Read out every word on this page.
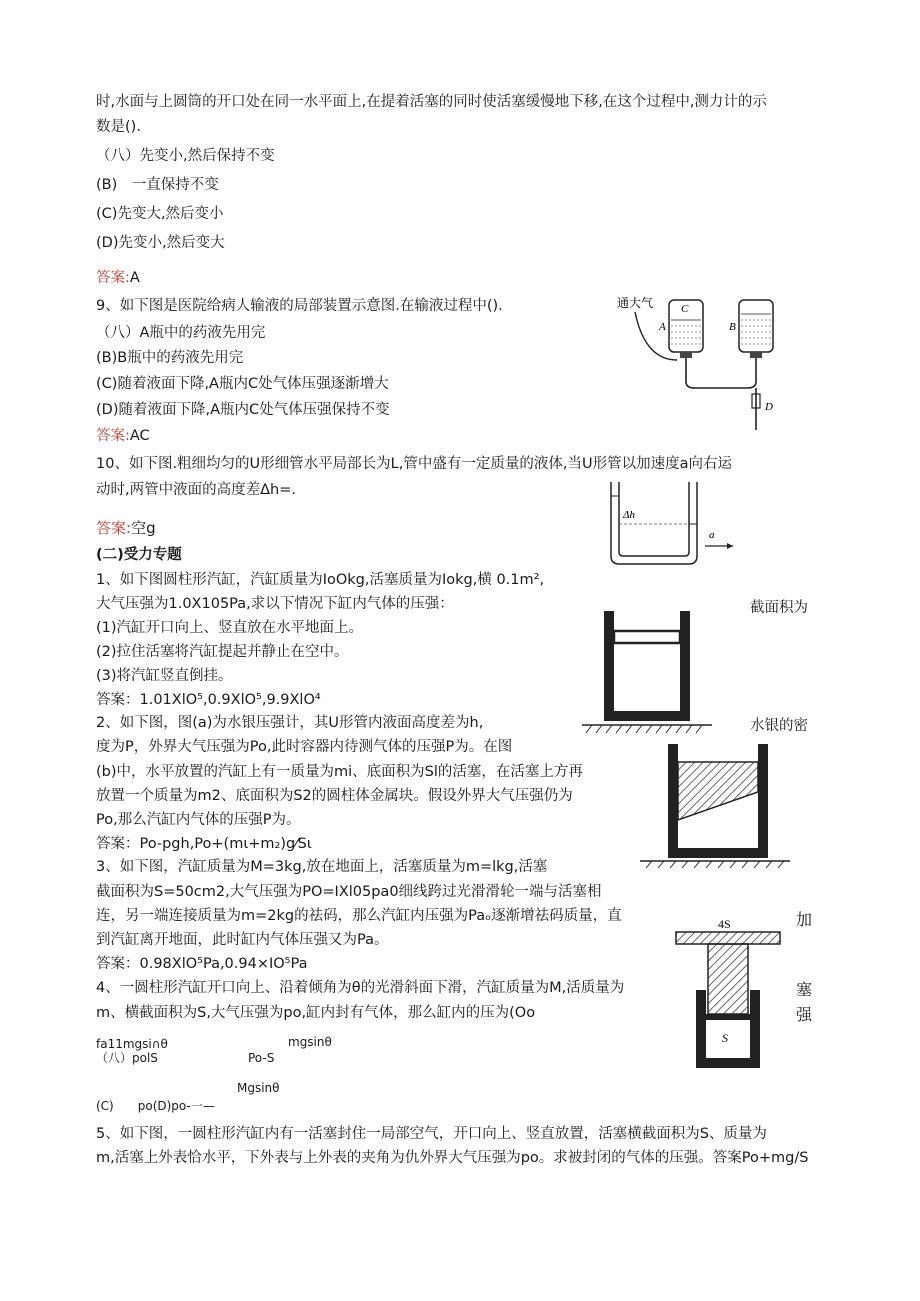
时,水面与上圆筒的开口处在同一水平面上,在提着活塞的同时使活塞缓慢地下移,在这个过程中,测力计的示
数是().
（八）先变小,然后保持不变
(B)　一直保持不变
(C)先变大,然后变小
(D)先变小,然后变大
答案:A
9、如下图是医院给病人输液的局部装置示意图.在输液过程中().
（八）A瓶中的药液先用完
(B)B瓶中的药液先用完
(C)随着液面下降,A瓶内C处气体压强逐渐增大
(D)随着液面下降,A瓶内C处气体压强保持不变
答案:AC
通大气	C
A	B
D
10、如下图.粗细均匀的U形细管水平局部长为L,管中盛有一定质量的液体,当U形管以加速度a向右运
动时,两管中液面的高度差Δh=.
答案:空g
Δh
a
(二)受力专题
1、如下图圆柱形汽缸，汽缸质量为IoOkg,活塞质量为Iokg,横 0.1m²,
截面积为
大气压强为1.0X105Pa,求以下情况下缸内气体的压强：
(1)汽缸开口向上、竖直放在水平地面上。
(2)拉住活塞将汽缸提起并静止在空中。
(3)将汽缸竖直倒挂。
答案：1.01XlO⁵,0.9XlO⁵,9.9XlO⁴
2、如下图，图(a)为水银压强计，其U形管内液面高度差为h,	水银的密
度为P，外界大气压强为Po,此时容器内待测气体的压强P为。在图
(b)中，水平放置的汽缸上有一质量为mi、底面积为Sl的活塞，在活塞上方再
放置一个质量为m2、底面积为S2的圆柱体金属块。假设外界大气压强仍为
Po,那么汽缸内气体的压强P为。
答案：Po-pgh,Po+(mι+m₂)g⁄Sι
3、如下图，汽缸质量为M=3kg,放在地面上，活塞质量为m=lkg,活塞
加
截面积为S=50cm2,大气压强为PO=IXl05pa0细线跨过光滑滑轮一端与活塞相
连，另一端连接质量为m=2kg的祛码，那么汽缸内压强为Paₒ逐渐增祛码质量，直
塞
到汽缸离开地面，此时缸内气体压强又为Pa。
强
答案：0.98XlO⁵Pa,0.94×IO⁵Pa
4S
S
4、一圆柱形汽缸开口向上、沿着倾角为θ的光滑斜面下滑，汽缸质量为M,活质量为
m、横截面积为S,大气压强为po,缸内封有气体，那么缸内的压为(Oo
fa11mgsi∩θ	mgsinθ
（八）polS	Po-S
Mgsinθ
(C)　　po(D)po-一—
5、如下图，一圆柱形汽缸内有一活塞封住一局部空气，开口向上、竖直放置，活塞横截面积为S、质量为
m,活塞上外表恰水平，下外表与上外表的夹角为仇外界大气压强为po。求被封闭的气体的压强。答案Po+mg/S
